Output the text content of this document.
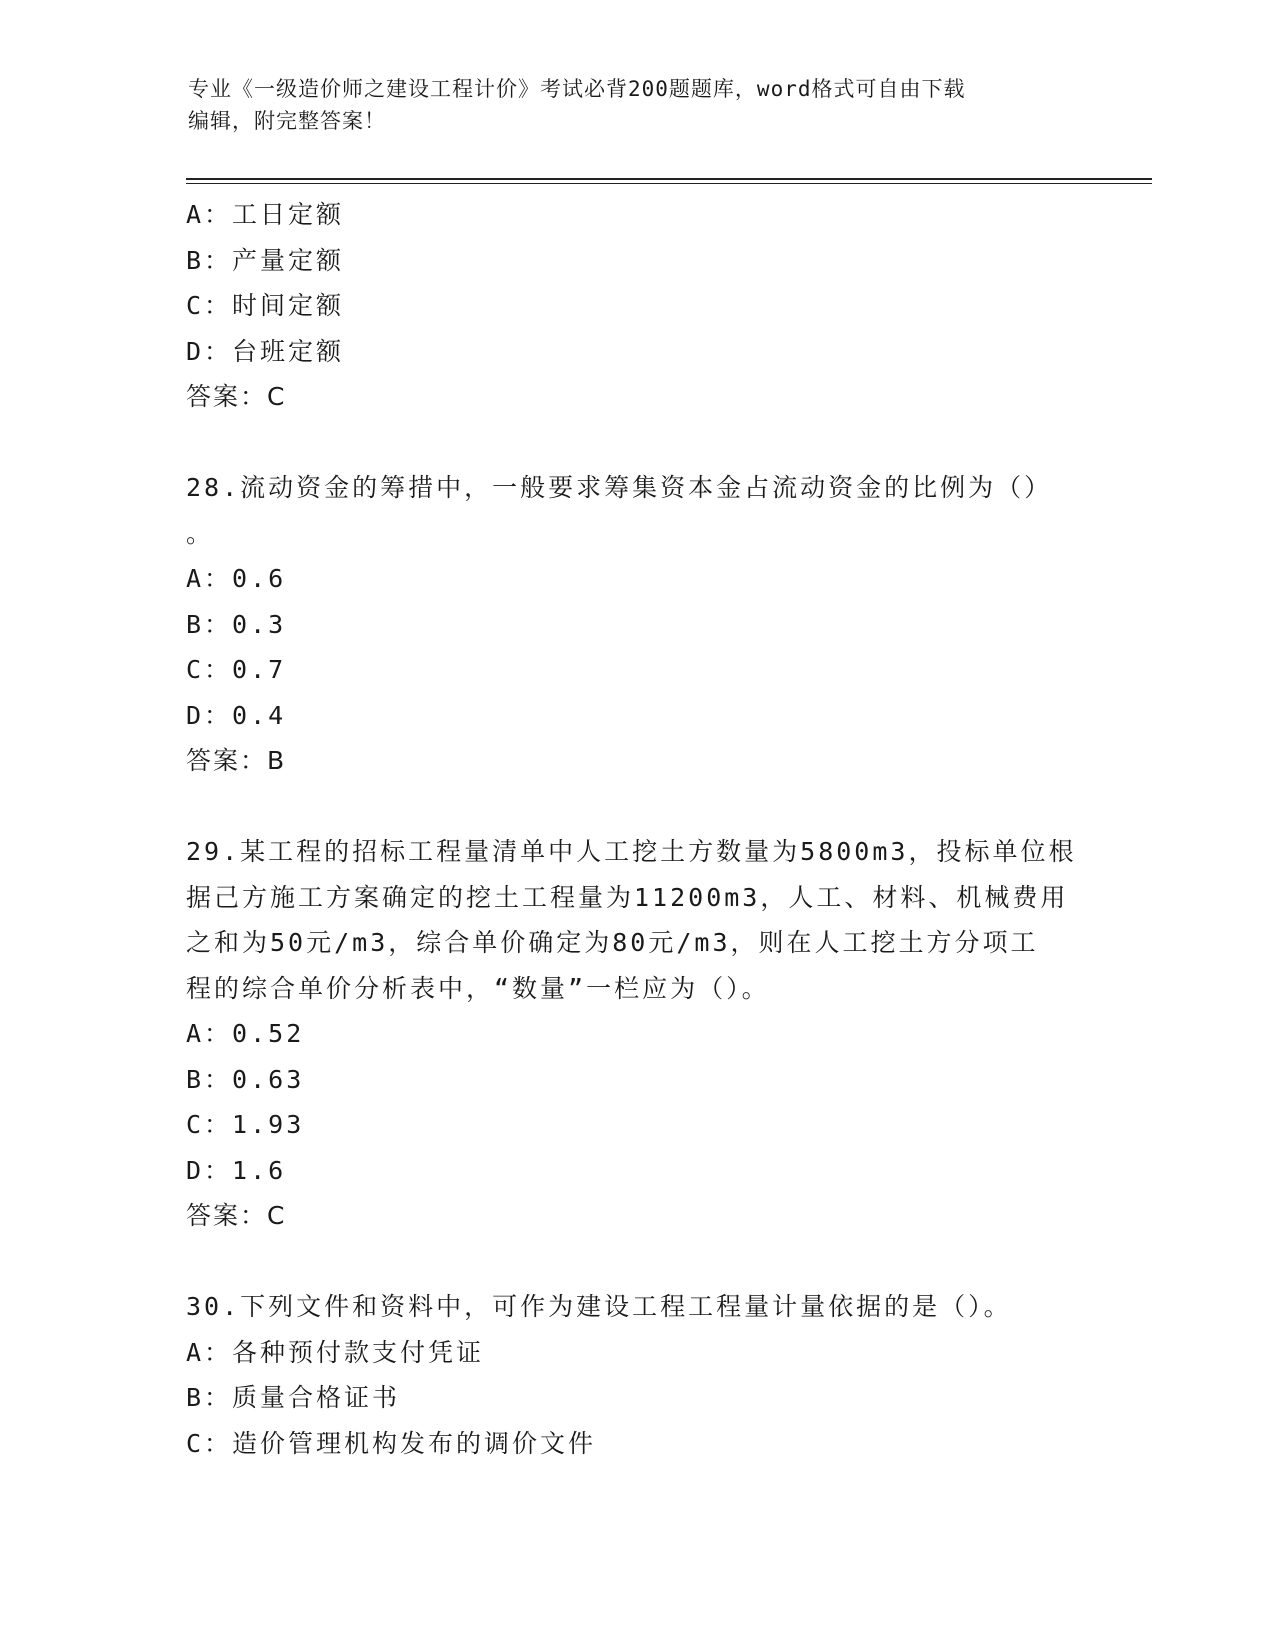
专业《一级造价师之建设工程计价》考试必背200题题库，word格式可自由下载
编辑，附完整答案！
A：工日定额
B：产量定额
C：时间定额
D：台班定额
答案：C
28.流动资金的筹措中，一般要求筹集资本金占流动资金的比例为（）
。
A：0.6
B：0.3
C：0.7
D：0.4
答案：B
29.某工程的招标工程量清单中人工挖土方数量为5800m3，投标单位根
据己方施工方案确定的挖土工程量为11200m3，人工、材料、机械费用
之和为50元/m3，综合单价确定为80元/m3，则在人工挖土方分项工
程的综合单价分析表中，“数量”一栏应为（）。
A：0.52
B：0.63
C：1.93
D：1.6
答案：C
30.下列文件和资料中，可作为建设工程工程量计量依据的是（）。
A：各种预付款支付凭证
B：质量合格证书
C：造价管理机构发布的调价文件
